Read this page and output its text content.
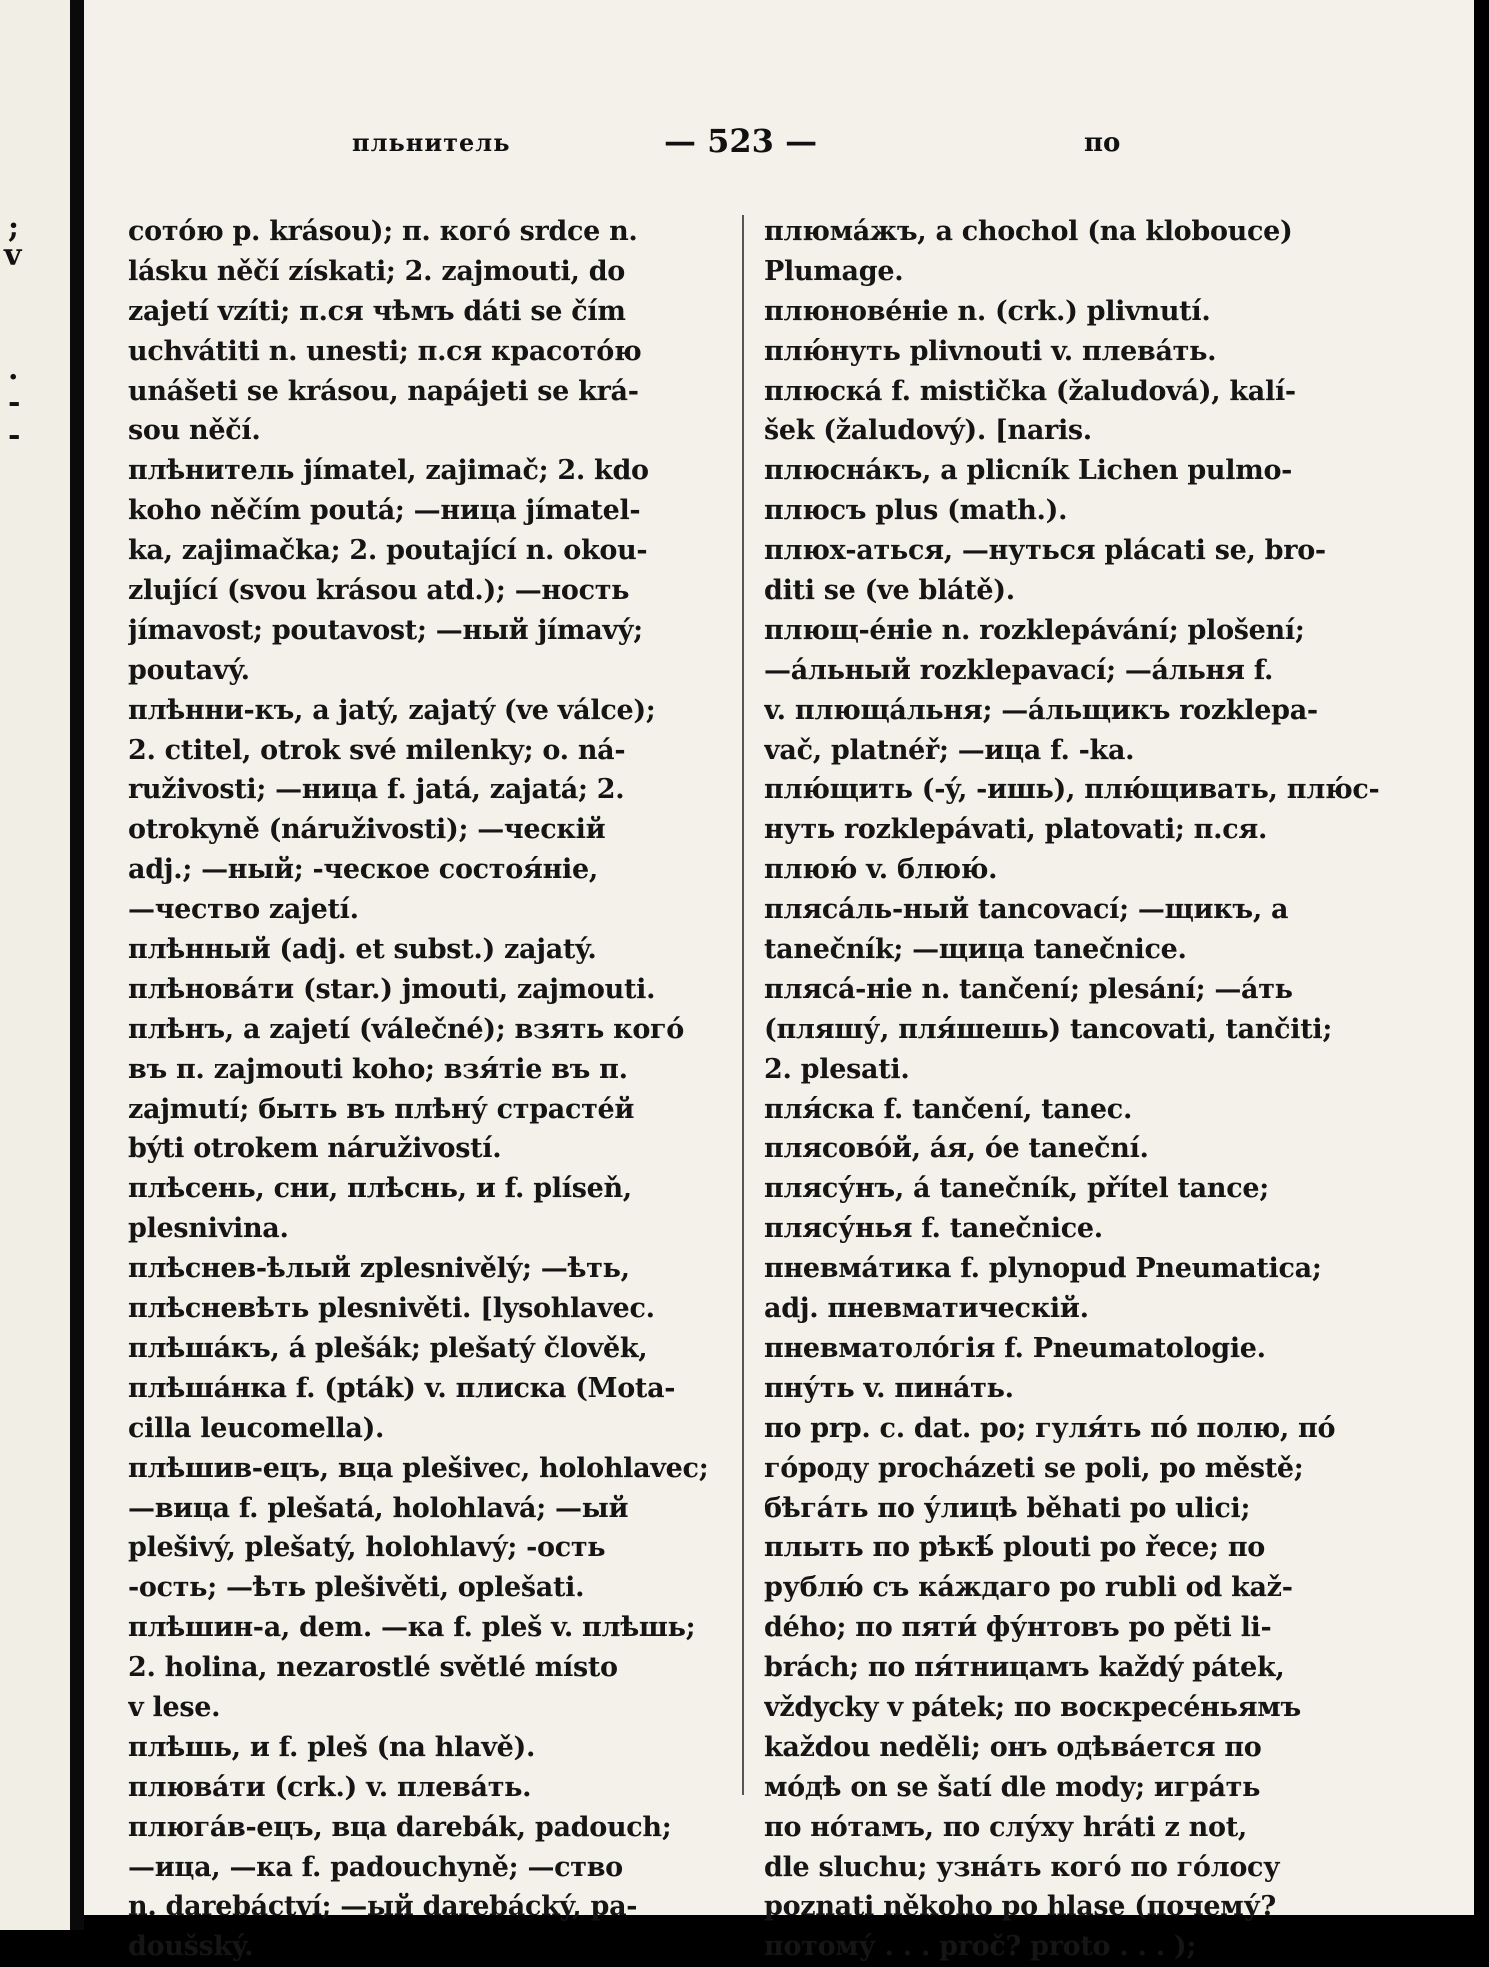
;
v
.
-
-
пльнитель	— 523 —	по
сотóю p. krásou); п. когó srdce n.
lásku něčí získati; 2. zajmouti, do
zajetí vzíti; п.ся чѣмъ dáti se čím
uchvátiti n. unesti; п.ся красотóю
unášeti se krásou, napájeti se krá-
sou něčí.
плѣнитель jímatel, zajimač; 2. kdo
koho něčím poutá; —ница jímatel-
ka, zajimačka; 2. poutající n. okou-
zlující (svou krásou atd.); —ность
jímavost; poutavost; —ный jímavý;
poutavý.
плѣнни-къ, a jatý, zajatý (ve válce);
2. ctitel, otrok své milenky; o. ná-
ruživosti; —ница f. jatá, zajatá; 2.
otrokyně (náruživosti); —ческій
adj.; —ный; -ческое состоя́ніе,
—чество zajetí.
плѣнный (adj. et subst.) zajatý.
плѣновáти (star.) jmouti, zajmouti.
плѣнъ, a zajetí (válečné); взять когó
въ п. zajmouti koho; взя́тіе въ п.
zajmutí; быть въ плѣну́ страстéй
býti otrokem náruživostí.
плѣсень, сни, плѣснь, и f. plíseň,
plesnivina.
плѣснев-ѣлый zplesnivělý; —ѣть,
плѣсневѣть plesnivěti. [lysohlavec.
плѣшáкъ, á plešák; plešatý člověk,
плѣшáнка f. (pták) v. плиска (Mota-
cilla leucomella).
плѣшив-ецъ, вца plešivec, holohlavec;
—вица f. plešatá, holohlavá; —ый
plešivý, plešatý, holohlavý; -ость
-ость; —ѣть plešivěti, oplešati.
плѣшин-а, dem. —ка f. pleš v. плѣшь;
2. holina, nezarostlé světlé místo
v lese.
плѣшь, и f. pleš (na hlavě).
плювáти (crk.) v. плевáть.
плюгáв-ецъ, вца darebák, padouch;
—ица, —ка f. padouchyně; —ство
n. darebáctví; —ый darebácký, pa-
doušský.
плюмáжъ, a chochol (na klobouce)
Plumage.
плюновéніе n. (crk.) plivnutí.
плю́нуть plivnouti v. плевáть.
плюскá f. mistička (žaludová), kalí-
šek (žaludový). [naris.
плюснáкъ, a plicník Lichen pulmo-
плюсъ plus (math.).
плюх-аться, —нуться plácati se, bro-
diti se (ve blátě).
плющ-éніе n. rozklepávání; plošení;
—áльный rozklepavací; —áльня f.
v. плющáльня; —áльщикъ rozklepa-
vač, platnéř; —ица f. -ka.
плю́щить (-ý, -ишь), плю́щивать, плю́с-
нуть rozklepávati, platovati; п.ся.
плюю́ v. блюю́.
плясáль-ный tancovací; —щикъ, a
tanečník; —щица tanečnice.
плясá-ніе n. tančení; plesání; —áть
(пляшу́, пля́шешь) tancovati, tančiti;
2. plesati.
пля́ска f. tančení, tanec.
плясовóй, áя, óе taneční.
плясу́нъ, á tanečník, přítel tance;
плясу́нья f. tanečnice.
пневмáтика f. plynopud Pneumatica;
adj. пневматическій.
пневматолóгія f. Pneumatologie.
пну́ть v. пинáть.
по prp. c. dat. po; гуля́ть по́ полю, по́
гóроду procházeti se poli, po městě;
бѣгáть по у́лицѣ běhati po ulici;
плыть по рѣкѣ́ plouti po řece; по
рублю́ съ кáждаго po rubli od kaž-
dého; по пяти́ фу́нтовъ po pěti li-
brách; по пя́тницамъ každý pátek,
vždycky v pátek; по воскресéньямъ
každou neděli; онъ одѣвáется по
мóдѣ on se šatí dle mody; игрáть
по нóтамъ, по слу́ху hráti z not,
dle sluchu; узнáть когó по гóлосу
poznati někoho po hlase (почему́?
потому́ . . . proč? proto . . . );
